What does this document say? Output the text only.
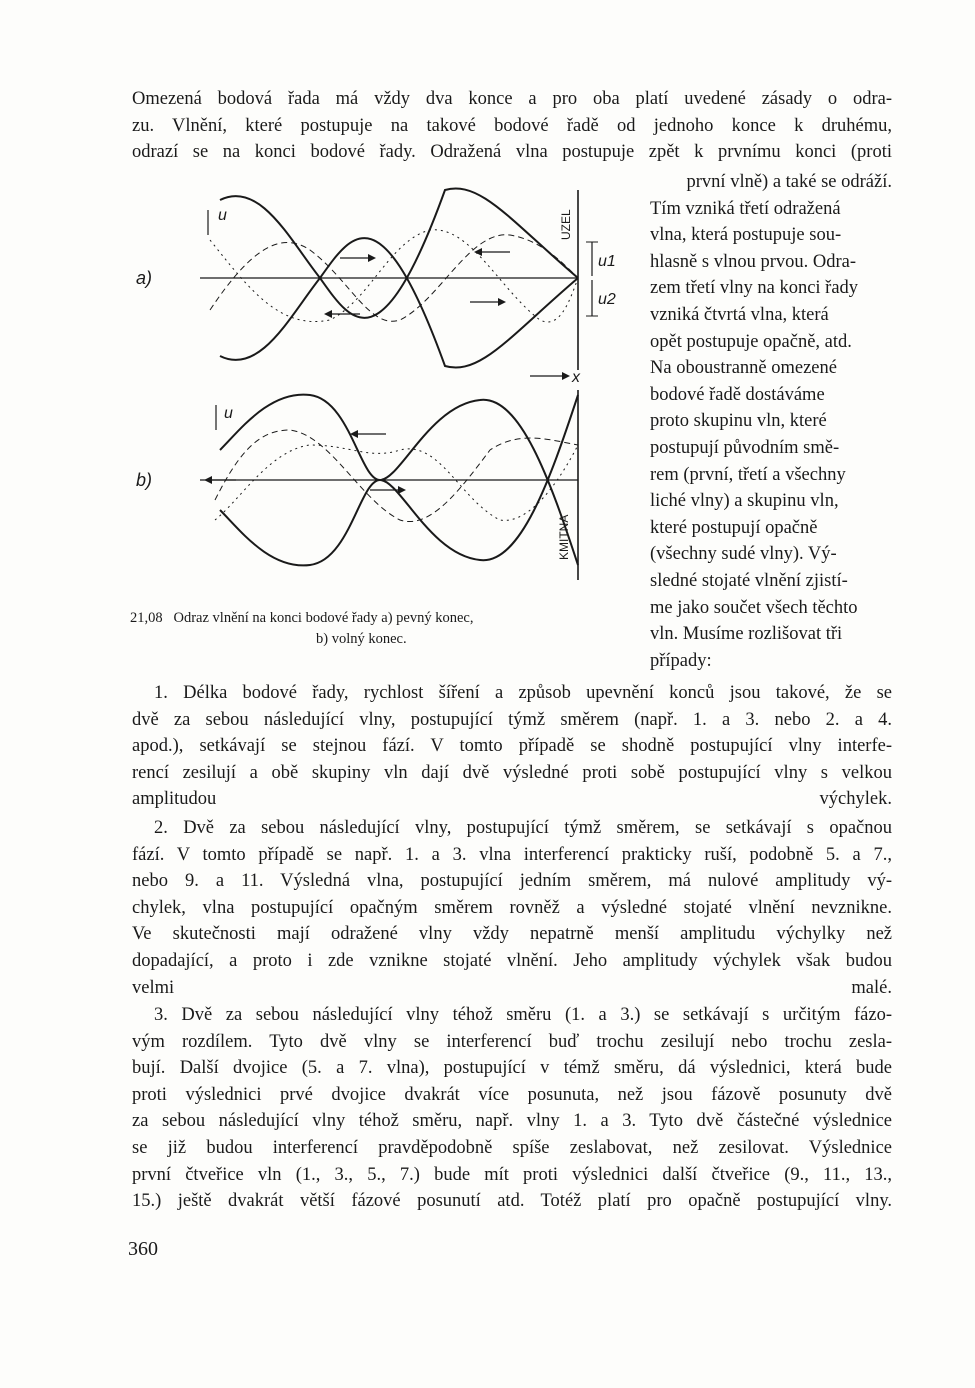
Omezená bodová řada má vždy dva konce a pro oba platí uvedené zásady o odra-
zu. Vlnění, které postupuje na takové bodové řadě od jednoho konce k druhému,
odrazí se na konci bodové řady. Odražená vlna postupuje zpět k prvnímu konci (proti
první vlně) a také se odráží.
Tím vzniká třetí odražená
vlna, která postupuje sou-
hlasně s vlnou prvou. Odra-
zem třetí vlny na konci řady
vzniká čtvrtá vlna, která
opět postupuje opačně, atd.
Na oboustranně omezené
bodové řadě dostáváme
proto skupinu vln, které
postupují původním smě-
rem (první, třetí a všechny
liché vlny) a skupinu vln,
které postupují opačně
(všechny sudé vlny). Vý-
sledné stojaté vlnění zjistí-
me jako součet všech těchto
vln. Musíme rozlišovat tři
případy:
a)
u
u1
u2
x
UZEL
b)
u
KMITNA
21,08 Odraz vlnění na konci bodové řady a) pevný konec,
b) volný konec.
1. Délka bodové řady, rychlost šíření a způsob upevnění konců jsou takové, že se
dvě za sebou následující vlny, postupující týmž směrem (např. 1. a 3. nebo 2. a 4.
apod.), setkávají se stejnou fází. V tomto případě se shodně postupující vlny interfe-
rencí zesilují a obě skupiny vln dají dvě výsledné proti sobě postupující vlny s velkou
amplitudou výchylek.
2. Dvě za sebou následující vlny, postupující týmž směrem, se setkávají s opačnou
fází. V tomto případě se např. 1. a 3. vlna interferencí prakticky ruší, podobně 5. a 7.,
nebo 9. a 11. Výsledná vlna, postupující jedním směrem, má nulové amplitudy vý-
chylek, vlna postupující opačným směrem rovněž a výsledné stojaté vlnění nevznikne.
Ve skutečnosti mají odražené vlny vždy nepatrně menší amplitudu výchylky než
dopadající, a proto i zde vznikne stojaté vlnění. Jeho amplitudy výchylek však budou
velmi malé.
3. Dvě za sebou následující vlny téhož směru (1. a 3.) se setkávají s určitým fázo-
vým rozdílem. Tyto dvě vlny se interferencí buď trochu zesilují nebo trochu zesla-
bují. Další dvojice (5. a 7. vlna), postupující v témž směru, dá výslednici, která bude
proti výslednici prvé dvojice dvakrát více posunuta, než jsou fázově posunuty dvě
za sebou následující vlny téhož směru, např. vlny 1. a 3. Tyto dvě částečné výslednice
se již budou interferencí pravděpodobně spíše zeslabovat, než zesilovat. Výslednice
první čtveřice vln (1., 3., 5., 7.) bude mít proti výslednici další čtveřice (9., 11., 13.,
15.) ještě dvakrát větší fázové posunutí atd. Totéž platí pro opačně postupující vlny.
360
